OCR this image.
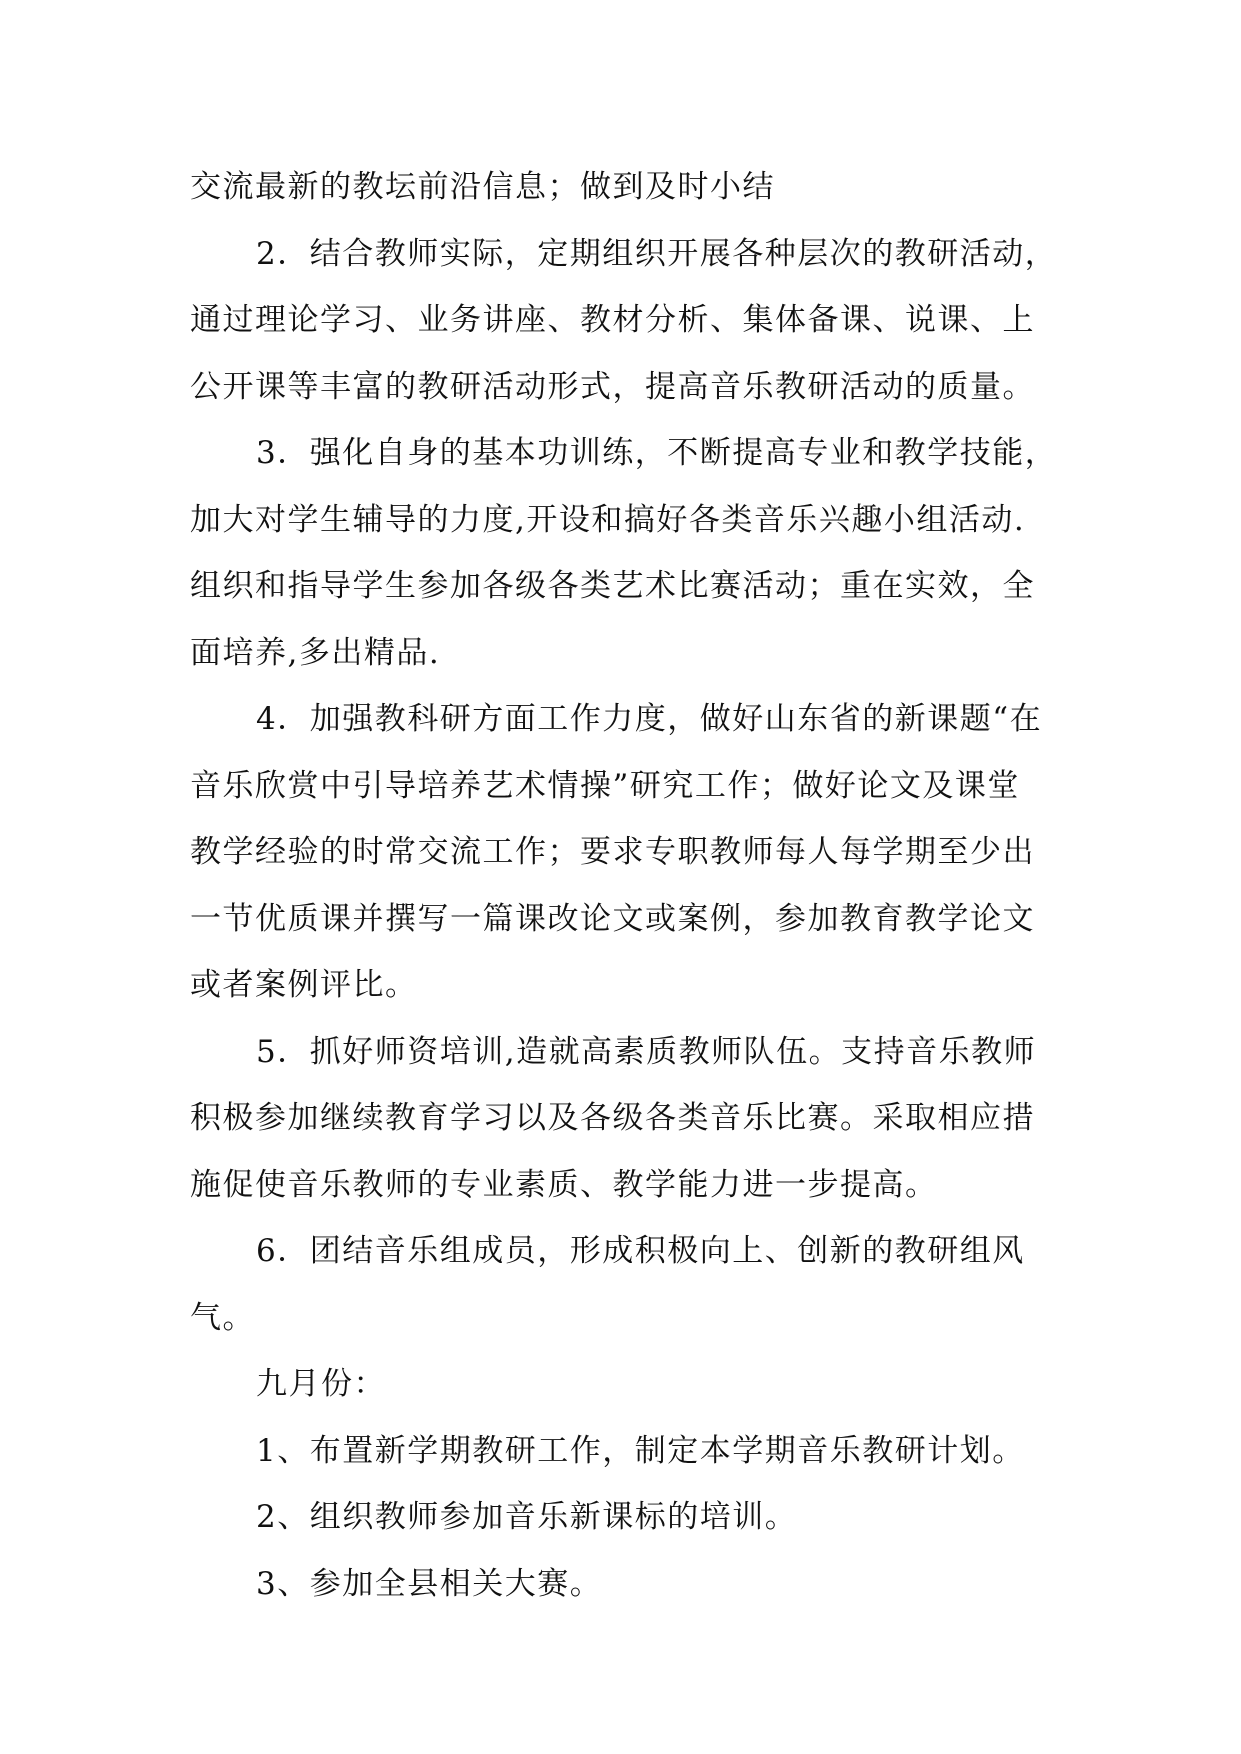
交流最新的教坛前沿信息；做到及时小结
2．结合教师实际，定期组织开展各种层次的教研活动，
通过理论学习、业务讲座、教材分析、集体备课、说课、上
公开课等丰富的教研活动形式，提高音乐教研活动的质量。
3．强化自身的基本功训练，不断提高专业和教学技能，
加大对学生辅导的力度,开设和搞好各类音乐兴趣小组活动.
组织和指导学生参加各级各类艺术比赛活动；重在实效，全
面培养,多出精品.
4．加强教科研方面工作力度，做好山东省的新课题“在
音乐欣赏中引导培养艺术情操”研究工作；做好论文及课堂
教学经验的时常交流工作；要求专职教师每人每学期至少出
一节优质课并撰写一篇课改论文或案例，参加教育教学论文
或者案例评比。
5．抓好师资培训,造就高素质教师队伍。支持音乐教师
积极参加继续教育学习以及各级各类音乐比赛。采取相应措
施促使音乐教师的专业素质、教学能力进一步提高。
6．团结音乐组成员，形成积极向上、创新的教研组风
气。
九月份：
1、布置新学期教研工作，制定本学期音乐教研计划。
2、组织教师参加音乐新课标的培训。
3、参加全县相关大赛。
